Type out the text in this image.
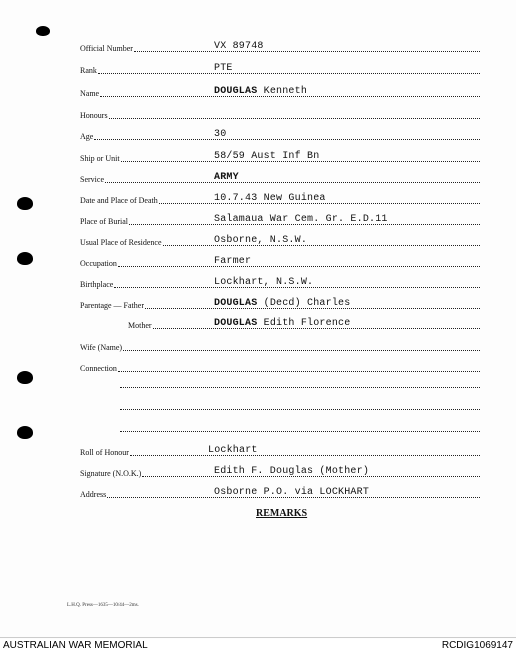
Official Number	VX 89748
Rank	PTE
Name	DOUGLAS Kenneth
Honours
Age	30
Ship or Unit	58/59 Aust Inf Bn
Service	ARMY
Date and Place of Death	10.7.43 New Guinea
Place of Burial	Salamaua War Cem. Gr. E.D.11
Usual Place of Residence	Osborne, N.S.W.
Occupation	Farmer
Birthplace	Lockhart, N.S.W.
Parentage — Father	DOUGLAS (Decd) Charles
Mother	DOUGLAS Edith Florence
Wife (Name)
Connection
Roll of Honour	Lockhart
Signature (N.O.K.)	Edith F. Douglas (Mother)
Address	Osborne P.O. via LOCKHART
REMARKS
L.H.Q. Press—1635—10/44—2ms.
AUSTRALIAN WAR MEMORIAL	RCDIG1069147
